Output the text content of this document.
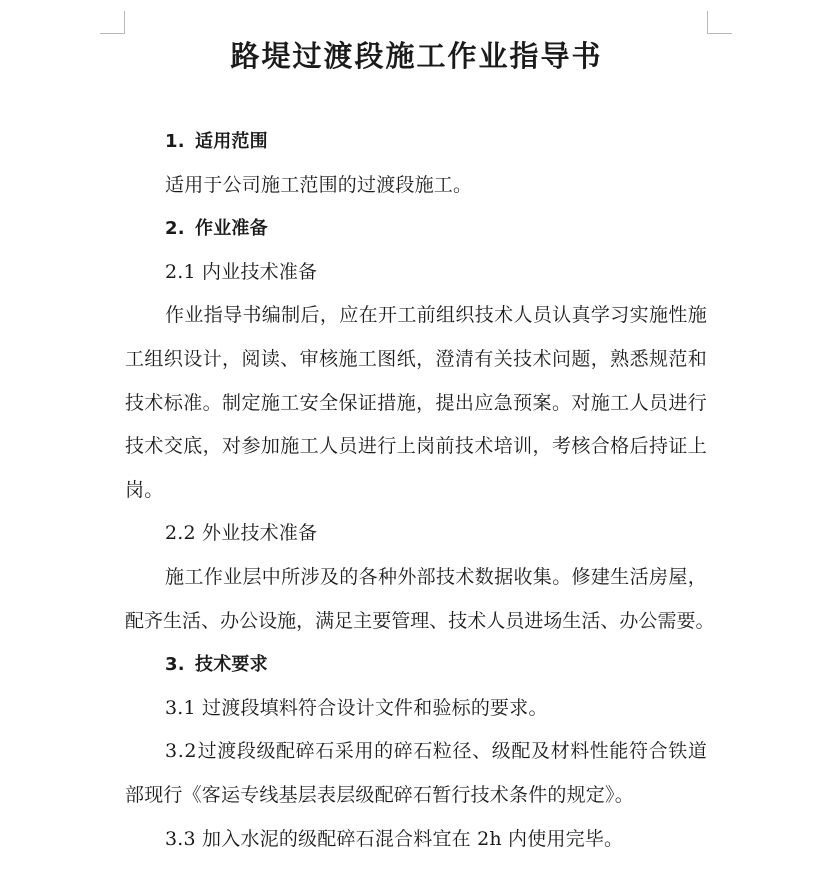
路堤过渡段施工作业指导书
1. 适用范围
适用于公司施工范围的过渡段施工。
2. 作业准备
2.1 内业技术准备
作 业 指 导 书 编 制 后 ， 应 在 开 工 前 组 织 技 术 人 员 认 真 学 习 实 施 性 施
工 组 织 设 计 ， 阅 读 、 审 核 施 工 图 纸 ， 澄 清 有 关 技 术 问 题 ， 熟 悉 规 范 和
技 术 标 准 。 制 定 施 工 安 全 保 证 措 施 ， 提 出 应 急 预 案 。 对 施 工 人 员 进 行
技 术 交 底 ， 对 参 加 施 工 人 员 进 行 上 岗 前 技 术 培 训 ， 考 核 合 格 后 持 证 上
岗。
2.2 外业技术准备
施 工 作 业 层 中 所 涉 及 的 各 种 外 部 技 术 数 据 收 集 。 修 建 生 活 房 屋 ，
配 齐 生 活 、 办 公 设 施 ， 满 足 主 要 管 理 、 技 术 人 员 进 场 生 活 、 办 公 需 要 。
3. 技术要求
3.1 过渡段填料符合设计文件和验标的要求。
3 . 2 过 渡 段 级 配 碎 石 采 用 的 碎 石 粒 径 、 级 配 及 材 料 性 能 符 合 铁 道
部现行《客运专线基层表层级配碎石暂行技术条件的规定》。
3.3 加入水泥的级配碎石混合料宜在 2h 内使用完毕。
